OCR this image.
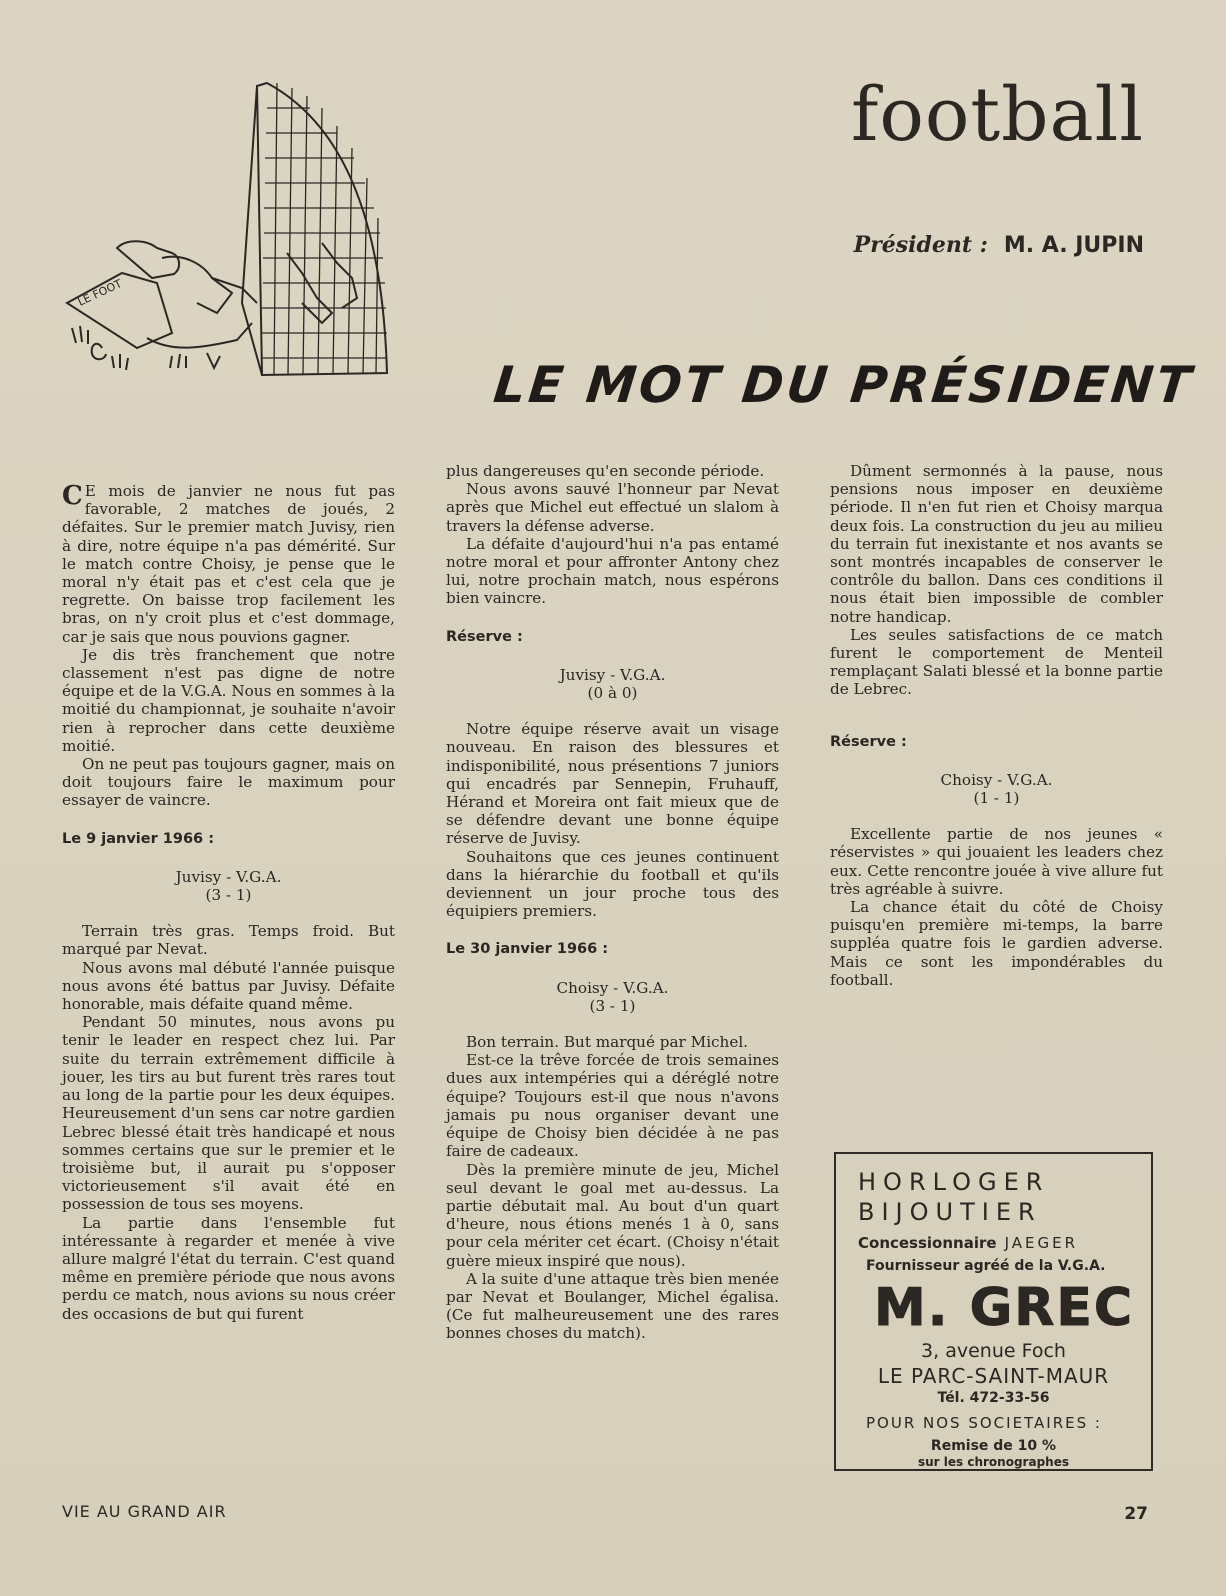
football
Président : M. A. JUPIN
LE FOOT
LE MOT DU PRÉSIDENT

C E mois de janvier ne nous fut pas favorable, 2 matches de joués, 2 défaites. Sur le premier match Juvisy, rien à dire, notre équipe n'a pas démérité. Sur le match contre Choisy, je pense que le moral n'y était pas et c'est cela que je regrette. On baisse trop facilement les bras, on n'y croit plus et c'est dommage, car je sais que nous pouvions gagner.

Je dis très franchement que notre classement n'est pas digne de notre équipe et de la V.G.A. Nous en sommes à la moitié du championnat, je souhaite n'avoir rien à reprocher dans cette deuxième moitié.

On ne peut pas toujours gagner, mais on doit toujours faire le maximum pour essayer de vaincre.

Le 9 janvier 1966 :

Juvisy - V.G.A.

(3 - 1)

Terrain très gras. Temps froid. But marqué par Nevat.

Nous avons mal débuté l'année puisque nous avons été battus par Juvisy. Défaite honorable, mais défaite quand même.

Pendant 50 minutes, nous avons pu tenir le leader en respect chez lui. Par suite du terrain extrêmement difficile à jouer, les tirs au but furent très rares tout au long de la partie pour les deux équipes. Heureusement d'un sens car notre gardien Lebrec blessé était très handicapé et nous sommes certains que sur le premier et le troisième but, il aurait pu s'opposer victorieusement s'il avait été en possession de tous ses moyens.

La partie dans l'ensemble fut intéressante à regarder et menée à vive allure malgré l'état du terrain. C'est quand même en première période que nous avons perdu ce match, nous avions su nous créer des occasions de but qui furent

plus dangereuses qu'en seconde période.

Nous avons sauvé l'honneur par Nevat après que Michel eut effectué un slalom à travers la défense adverse.

La défaite d'aujourd'hui n'a pas entamé notre moral et pour affronter Antony chez lui, notre prochain match, nous espérons bien vaincre.

Réserve :

Juvisy - V.G.A.

(0 à 0)

Notre équipe réserve avait un visage nouveau. En raison des blessures et indisponibilité, nous présentions 7 juniors qui encadrés par Sennepin, Fruhauff, Hérand et Moreira ont fait mieux que de se défendre devant une bonne équipe réserve de Juvisy.

Souhaitons que ces jeunes continuent dans la hiérarchie du football et qu'ils deviennent un jour proche tous des équipiers premiers.

Le 30 janvier 1966 :

Choisy - V.G.A.

(3 - 1)

Bon terrain. But marqué par Michel.

Est-ce la trêve forcée de trois semaines dues aux intempéries qui a déréglé notre équipe? Toujours est-il que nous n'avons jamais pu nous organiser devant une équipe de Choisy bien décidée à ne pas faire de cadeaux.

Dès la première minute de jeu, Michel seul devant le goal met au-dessus. La partie débutait mal. Au bout d'un quart d'heure, nous étions menés 1 à 0, sans pour cela mériter cet écart. (Choisy n'était guère mieux inspiré que nous).

A la suite d'une attaque très bien menée par Nevat et Boulanger, Michel égalisa. (Ce fut malheureusement une des rares bonnes choses du match).

Dûment sermonnés à la pause, nous pensions nous imposer en deuxième période. Il n'en fut rien et Choisy marqua deux fois. La construction du jeu au milieu du terrain fut inexistante et nos avants se sont montrés incapables de conserver le contrôle du ballon. Dans ces conditions il nous était bien impossible de combler notre handicap.

Les seules satisfactions de ce match furent le comportement de Menteil remplaçant Salati blessé et la bonne partie de Lebrec.

Réserve :

Choisy - V.G.A.

(1 - 1)

Excellente partie de nos jeunes « réservistes » qui jouaient les leaders chez eux. Cette rencontre jouée à vive allure fut très agréable à suivre.

La chance était du côté de Choisy puisqu'en première mi-temps, la barre suppléa quatre fois le gardien adverse. Mais ce sont les impondérables du football.

HORLOGER
BIJOUTIER
Concessionnaire JAEGER
Fournisseur agréé de la V.G.A.
M. GREC
3, avenue Foch
LE PARC-SAINT-MAUR
Tél. 472-33-56
POUR NOS SOCIETAIRES :
Remise de 10 %
sur les chronographes
VIE AU GRAND AIR	27
